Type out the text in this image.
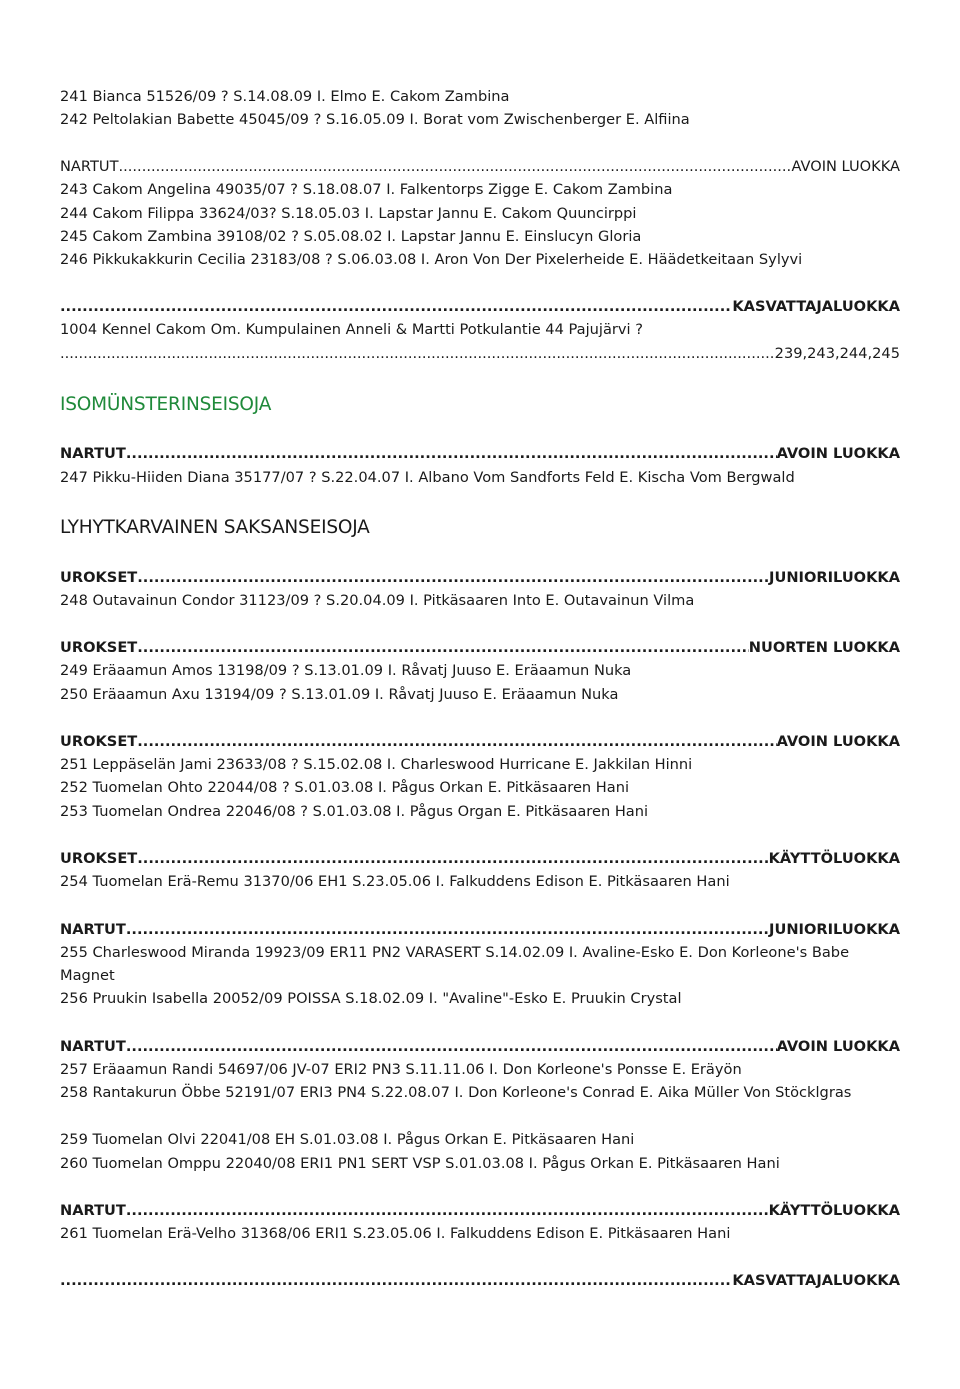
241 Bianca 51526/09 ? S.14.08.09 I. Elmo E. Cakom Zambina
242 Peltolakian Babette 45045/09 ? S.16.05.09 I. Borat vom Zwischenberger E. Alfiina
NARTUT .....	AVOIN LUOKKA
243 Cakom Angelina 49035/07 ? S.18.08.07 I. Falkentorps Zigge E. Cakom Zambina
244 Cakom Filippa 33624/03? S.18.05.03 I. Lapstar Jannu E. Cakom Quuncirppi
245 Cakom Zambina 39108/02 ? S.05.08.02 I. Lapstar Jannu E. Einslucyn Gloria
246 Pikkukakkurin Cecilia 23183/08 ? S.06.03.08 I. Aron Von Der Pixelerheide E. Häädetkeitaan Sylyvi
.....
KASVATTAJALUOKKA
1004 Kennel Cakom Om. Kumpulainen Anneli & Martti Potkulantie 44 Pajujärvi ?
.....
239,243,244,245
ISOMÜNSTERINSEISOJA
NARTUT .....	AVOIN LUOKKA
247 Pikku-Hiiden Diana 35177/07 ? S.22.04.07 I. Albano Vom Sandforts Feld E. Kischa Vom Bergwald
LYHYTKARVAINEN SAKSANSEISOJA
UROKSET .....	JUNIORILUOKKA
248 Outavainun Condor 31123/09 ? S.20.04.09 I. Pitkäsaaren Into E. Outavainun Vilma
UROKSET .....	NUORTEN LUOKKA
249 Eräaamun Amos 13198/09 ? S.13.01.09 I. Råvatj Juuso E. Eräaamun Nuka
250 Eräaamun Axu 13194/09 ? S.13.01.09 I. Råvatj Juuso E. Eräaamun Nuka
UROKSET .....	AVOIN LUOKKA
251 Leppäselän Jami 23633/08 ? S.15.02.08 I. Charleswood Hurricane E. Jakkilan Hinni
252 Tuomelan Ohto 22044/08 ? S.01.03.08 I. Pågus Orkan E. Pitkäsaaren Hani
253 Tuomelan Ondrea 22046/08 ? S.01.03.08 I. Pågus Organ E. Pitkäsaaren Hani
UROKSET .....	KÄYTTÖLUOKKA
254 Tuomelan Erä-Remu 31370/06 EH1 S.23.05.06 I. Falkuddens Edison E. Pitkäsaaren Hani
NARTUT .....	JUNIORILUOKKA
255 Charleswood Miranda 19923/09 ER11 PN2 VARASERT S.14.02.09 I. Avaline-Esko E. Don Korleone's Babe Magnet
256 Pruukin Isabella 20052/09 POISSA S.18.02.09 I. "Avaline"-Esko E. Pruukin Crystal
NARTUT .....	AVOIN LUOKKA
257 Eräaamun Randi 54697/06 JV-07 ERI2 PN3 S.11.11.06 I. Don Korleone's Ponsse E. Eräyön
258 Rantakurun Öbbe 52191/07 ERI3 PN4 S.22.08.07 I. Don Korleone's Conrad E. Aika Müller Von Stöcklgras
259 Tuomelan Olvi 22041/08 EH S.01.03.08 I. Pågus Orkan E. Pitkäsaaren Hani
260 Tuomelan Omppu 22040/08 ERI1 PN1 SERT VSP S.01.03.08 I. Pågus Orkan E. Pitkäsaaren Hani
NARTUT .....	KÄYTTÖLUOKKA
261 Tuomelan Erä-Velho 31368/06 ERI1 S.23.05.06 I. Falkuddens Edison E. Pitkäsaaren Hani
.....
KASVATTAJALUOKKA
